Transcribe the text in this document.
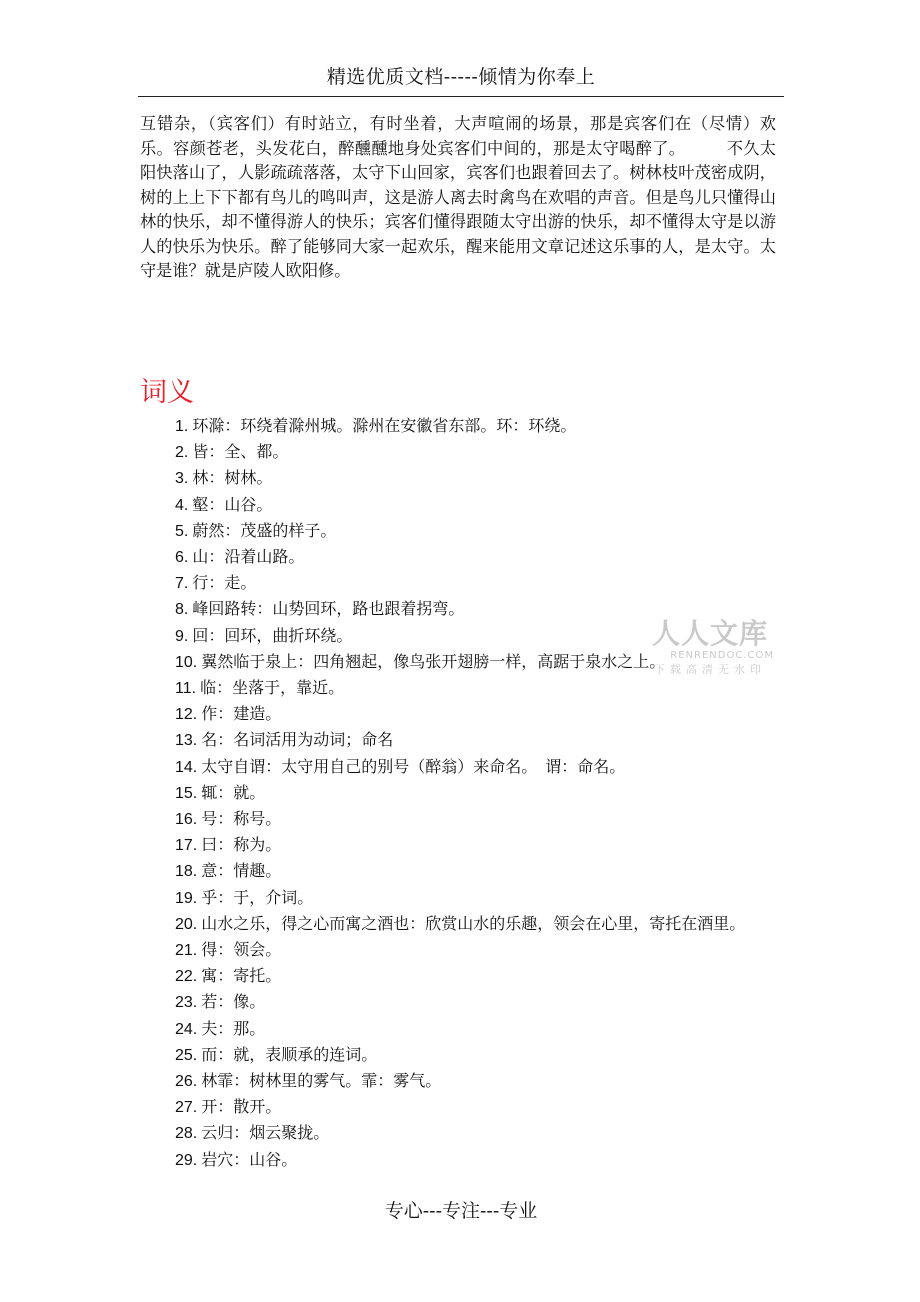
精选优质文档-----倾情为你奉上

互错杂，（宾客们）有时站立，有时坐着，大声喧闹的场景，那是宾客们在（尽情）欢乐。容颜苍老，头发花白，醉醺醺地身处宾客们中间的，那是太守喝醉了。　　　不久太阳快落山了，人影疏疏落落，太守下山回家，宾客们也跟着回去了。树林枝叶茂密成阴，树的上上下下都有鸟儿的鸣叫声，这是游人离去时禽鸟在欢唱的声音。但是鸟儿只懂得山林的快乐，却不懂得游人的快乐；宾客们懂得跟随太守出游的快乐，却不懂得太守是以游人的快乐为快乐。醉了能够同大家一起欢乐，醒来能用文章记述这乐事的人，是太守。太守是谁？就是庐陵人欧阳修。

词义
1. 环滁：环绕着滁州城。滁州在安徽省东部。环：环绕。
2. 皆：全、都。
3. 林：树林。
4. 壑：山谷。
5. 蔚然：茂盛的样子。
6. 山：沿着山路。
7. 行：走。
8. 峰回路转：山势回环，路也跟着拐弯。
9. 回：回环，曲折环绕。
10. 翼然临于泉上：四角翘起，像鸟张开翅膀一样，高踞于泉水之上。
11. 临：坐落于，靠近。
12. 作：建造。
13. 名：名词活用为动词；命名
14. 太守自谓：太守用自己的别号（醉翁）来命名。　谓：命名。
15. 辄：就。
16. 号：称号。
17. 曰：称为。
18. 意：情趣。
19. 乎：于，介词。
20. 山水之乐，得之心而寓之酒也：欣赏山水的乐趣，领会在心里，寄托在酒里。
21. 得：领会。
22. 寓：寄托。
23. 若：像。
24. 夫：那。
25. 而：就，表顺承的连词。
26. 林霏：树林里的雾气。霏：雾气。
27. 开：散开。
28. 云归：烟云聚拢。
29. 岩穴：山谷。
人人文库
RENRENDOC.COM
下载高清无水印
专心---专注---专业
